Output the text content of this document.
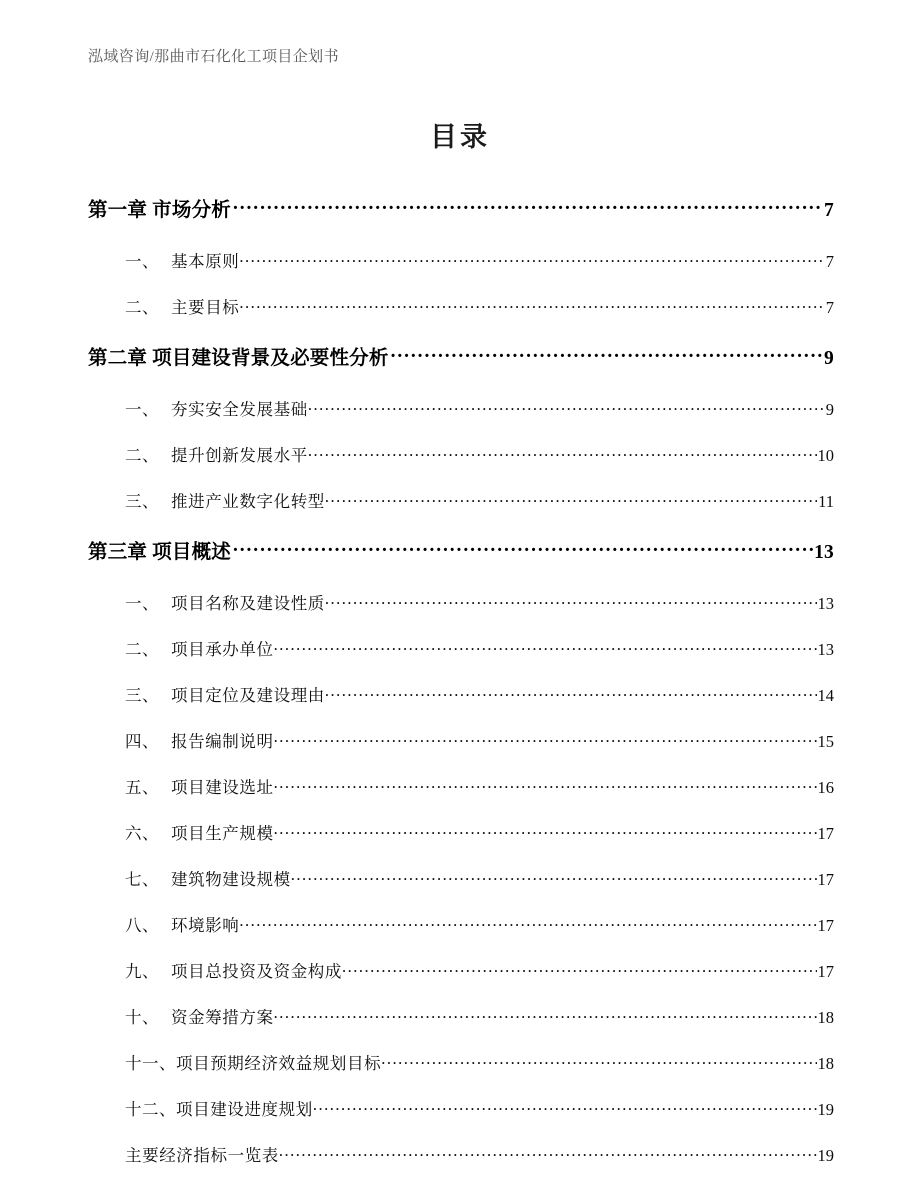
泓域咨询/那曲市石化化工项目企划书
目录
第一章 市场分析 .....	7
一、 基本原则 .....	7
二、 主要目标 .....	7
第二章 项目建设背景及必要性分析 .....	9
一、 夯实安全发展基础 .....	9
二、 提升创新发展水平 .....	10
三、 推进产业数字化转型 .....	11
第三章 项目概述 .....	13
一、 项目名称及建设性质 .....	13
二、 项目承办单位 .....	13
三、 项目定位及建设理由 .....	14
四、 报告编制说明 .....	15
五、 项目建设选址 .....	16
六、 项目生产规模 .....	17
七、 建筑物建设规模 .....	17
八、 环境影响 .....	17
九、 项目总投资及资金构成 .....	17
十、 资金筹措方案 .....	18
十一、 项目预期经济效益规划目标 .....	18
十二、 项目建设进度规划 .....	19
主要经济指标一览表 .....	19
